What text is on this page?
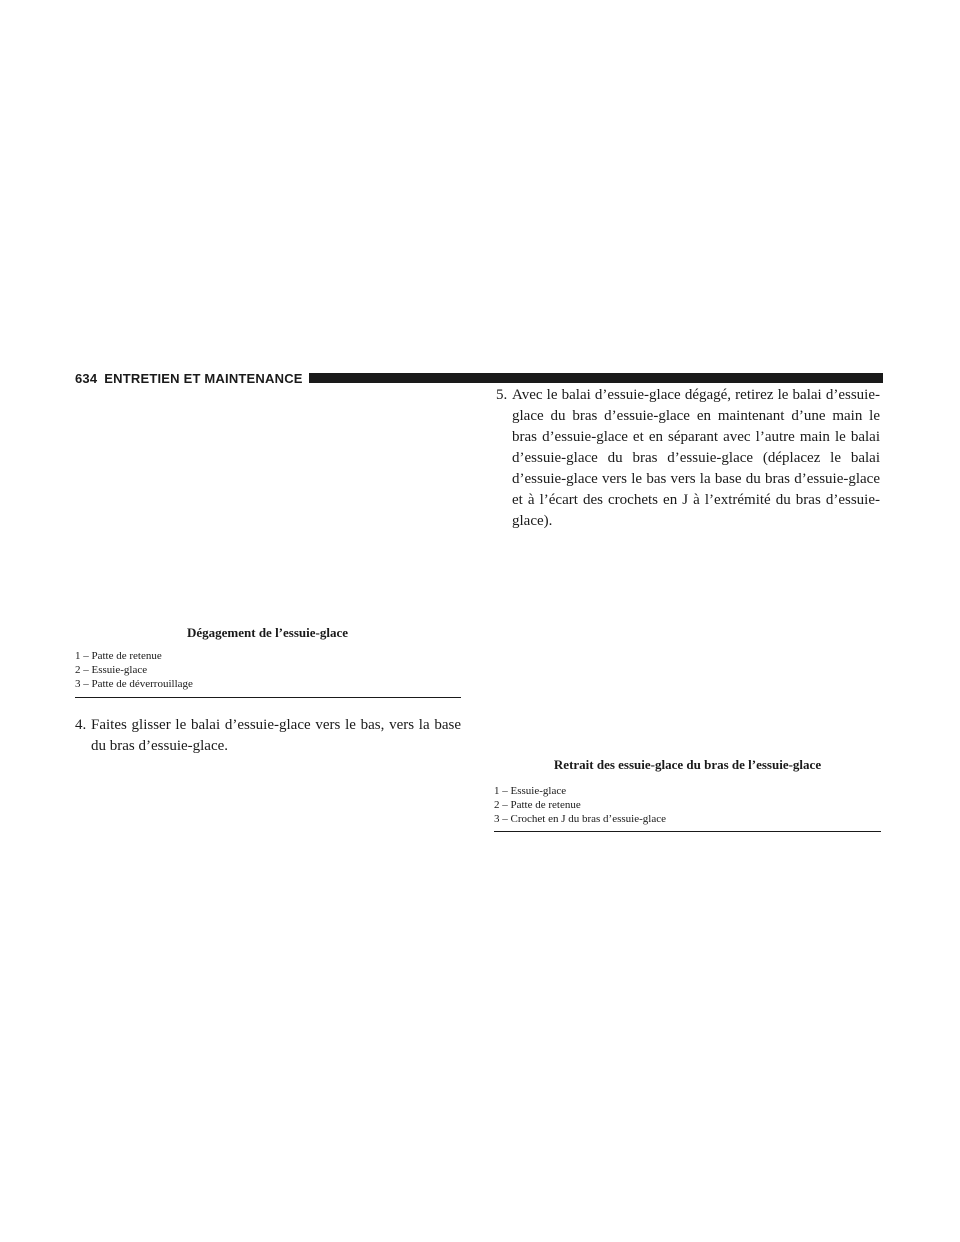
634 ENTRETIEN ET MAINTENANCE
Dégagement de l’essuie-glace
1 – Patte de retenue
2 – Essuie-glace
3 – Patte de déverrouillage
4. Faites glisser le balai d’essuie-glace vers le bas, vers la base du bras d’essuie-glace.
5. Avec le balai d’essuie-glace dégagé, retirez le balai d’essuie-glace du bras d’essuie-glace en maintenant d’une main le bras d’essuie-glace et en séparant avec l’autre main le balai d’essuie-glace du bras d’essuie-glace (déplacez le balai d’essuie-glace vers le bas vers la base du bras d’essuie-glace et à l’écart des crochets en J à l’extrémité du bras d’essuie-glace).
Retrait des essuie-glace du bras de l’essuie-glace
1 – Essuie-glace
2 – Patte de retenue
3 – Crochet en J du bras d’essuie-glace
